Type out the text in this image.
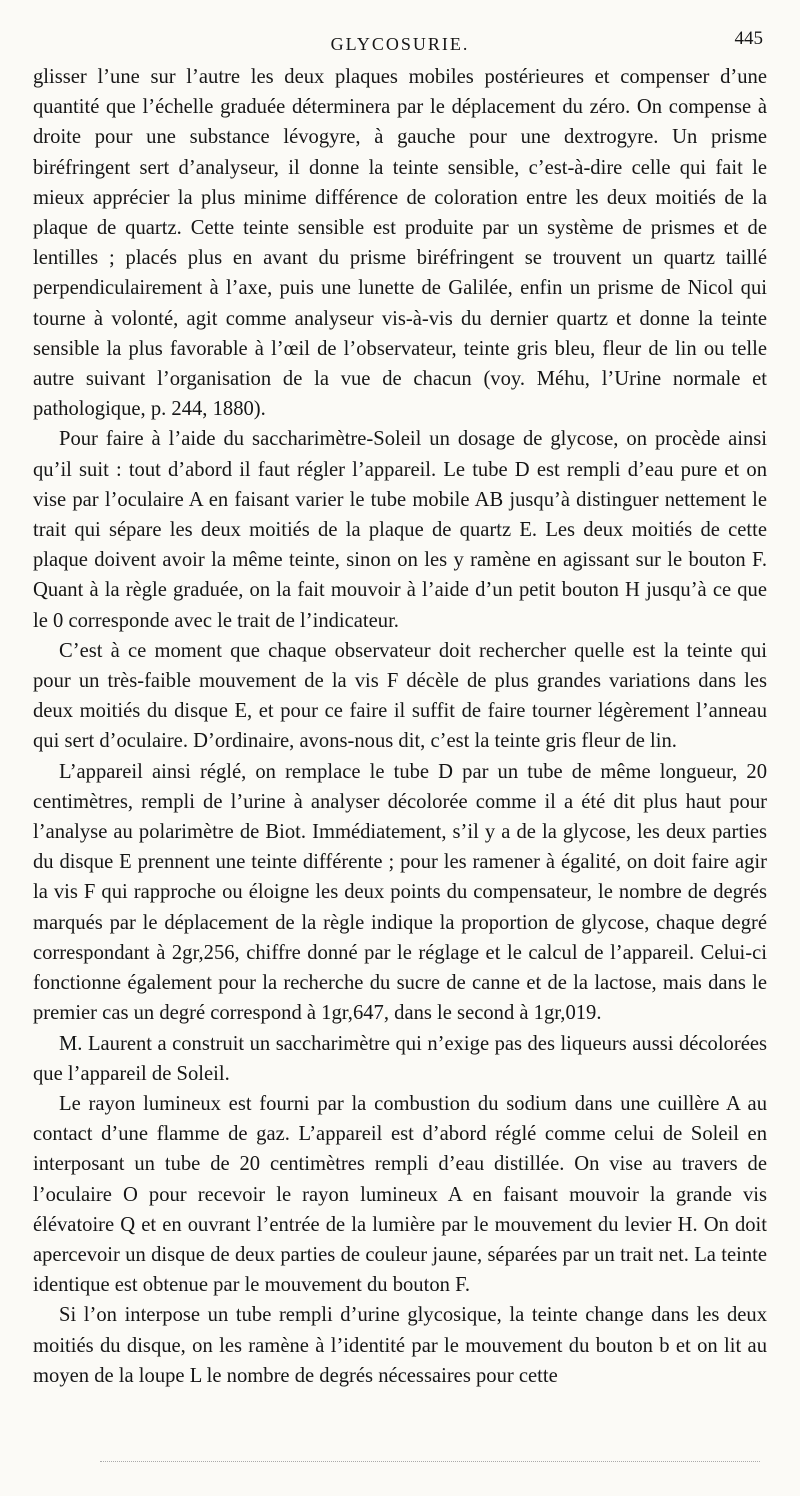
GLYCOSURIE.	445

glisser l’une sur l’autre les deux plaques mobiles postérieures et compenser d’une quantité que l’échelle graduée déterminera par le déplacement du zéro. On compense à droite pour une substance lévogyre, à gauche pour une dextrogyre. Un prisme biréfringent sert d’analyseur, il donne la teinte sensible, c’est-à-dire celle qui fait le mieux apprécier la plus minime différence de coloration entre les deux moitiés de la plaque de quartz. Cette teinte sensible est produite par un système de prismes et de lentilles ; placés plus en avant du prisme biréfringent se trouvent un quartz taillé perpendiculairement à l’axe, puis une lunette de Galilée, enfin un prisme de Nicol qui tourne à volonté, agit comme analyseur vis-à-vis du dernier quartz et donne la teinte sensible la plus favorable à l’œil de l’observateur, teinte gris bleu, fleur de lin ou telle autre suivant l’organisation de la vue de chacun (voy. Méhu, l’Urine normale et pathologique, p. 244, 1880).

Pour faire à l’aide du saccharimètre-Soleil un dosage de glycose, on procède ainsi qu’il suit : tout d’abord il faut régler l’appareil. Le tube D est rempli d’eau pure et on vise par l’oculaire A en faisant varier le tube mobile AB jusqu’à distinguer nettement le trait qui sépare les deux moitiés de la plaque de quartz E. Les deux moitiés de cette plaque doivent avoir la même teinte, sinon on les y ramène en agissant sur le bouton F. Quant à la règle graduée, on la fait mouvoir à l’aide d’un petit bouton H jusqu’à ce que le 0 corresponde avec le trait de l’indicateur.

C’est à ce moment que chaque observateur doit rechercher quelle est la teinte qui pour un très-faible mouvement de la vis F décèle de plus grandes variations dans les deux moitiés du disque E, et pour ce faire il suffit de faire tourner légèrement l’anneau qui sert d’oculaire. D’ordinaire, avons-nous dit, c’est la teinte gris fleur de lin.

L’appareil ainsi réglé, on remplace le tube D par un tube de même longueur, 20 centimètres, rempli de l’urine à analyser décolorée comme il a été dit plus haut pour l’analyse au polarimètre de Biot. Immédiatement, s’il y a de la glycose, les deux parties du disque E prennent une teinte différente ; pour les ramener à égalité, on doit faire agir la vis F qui rapproche ou éloigne les deux points du compensateur, le nombre de degrés marqués par le déplacement de la règle indique la proportion de glycose, chaque degré correspondant à 2gr,256, chiffre donné par le réglage et le calcul de l’appareil. Celui-ci fonctionne également pour la recherche du sucre de canne et de la lactose, mais dans le premier cas un degré correspond à 1gr,647, dans le second à 1gr,019.

M. Laurent a construit un saccharimètre qui n’exige pas des liqueurs aussi décolorées que l’appareil de Soleil.

Le rayon lumineux est fourni par la combustion du sodium dans une cuillère A au contact d’une flamme de gaz. L’appareil est d’abord réglé comme celui de Soleil en interposant un tube de 20 centimètres rempli d’eau distillée. On vise au travers de l’oculaire O pour recevoir le rayon lumineux A en faisant mouvoir la grande vis élévatoire Q et en ouvrant l’entrée de la lumière par le mouvement du levier H. On doit apercevoir un disque de deux parties de couleur jaune, séparées par un trait net. La teinte identique est obtenue par le mouvement du bouton F.

Si l’on interpose un tube rempli d’urine glycosique, la teinte change dans les deux moitiés du disque, on les ramène à l’identité par le mouvement du bouton b et on lit au moyen de la loupe L le nombre de degrés nécessaires pour cette
